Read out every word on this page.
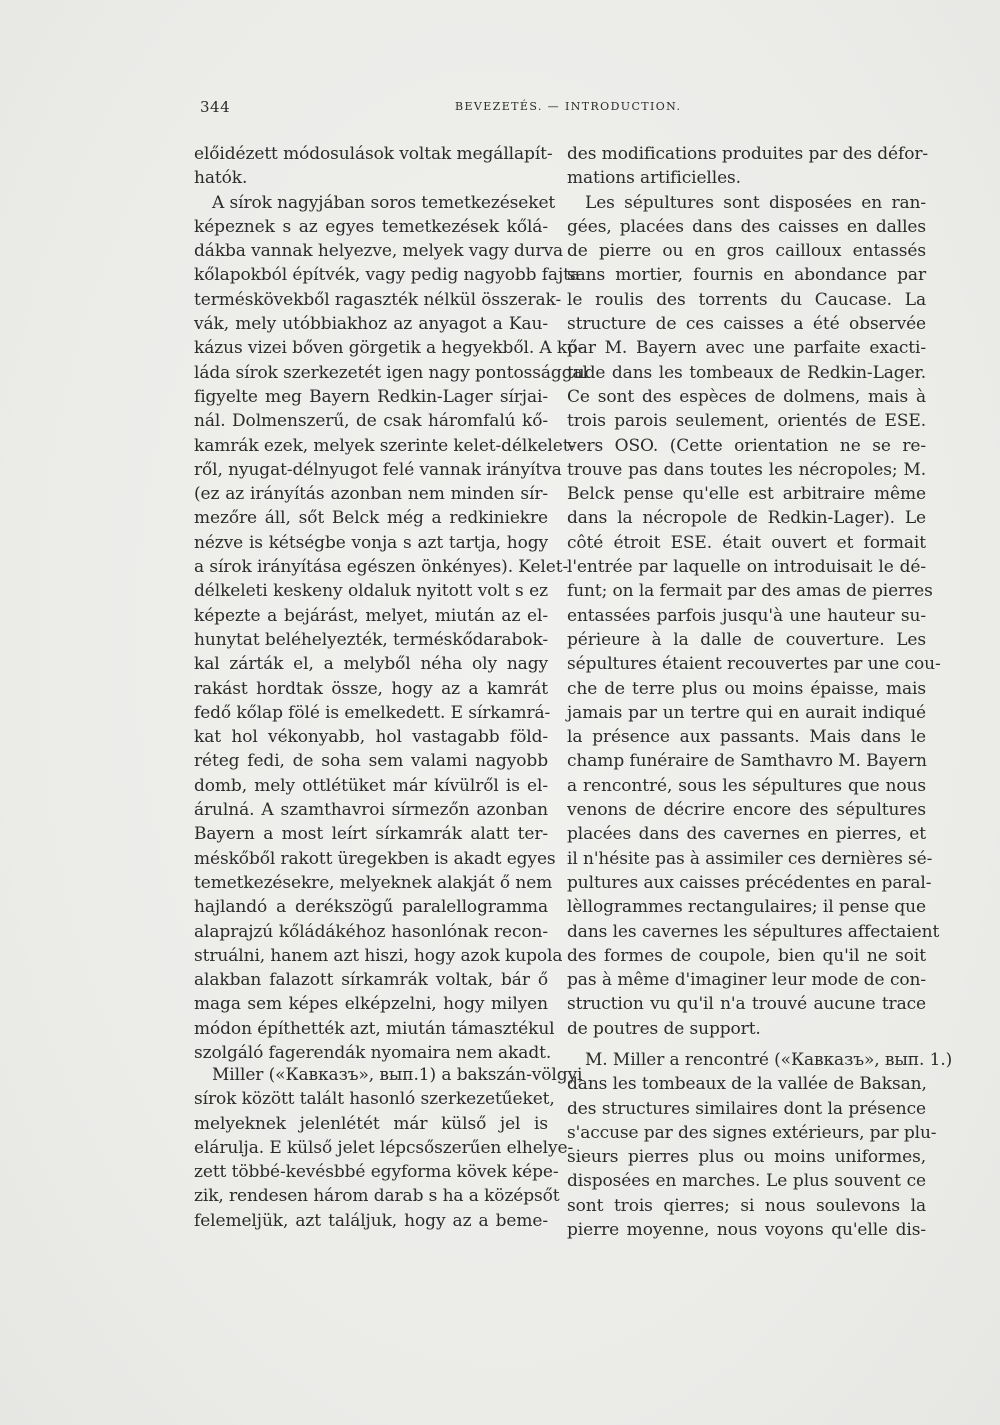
344	BEVEZETÉS. — INTRODUCTION.
előidézett módosulások voltak megállapít-
hatók.
A sírok nagyjában soros temetkezéseket
képeznek s az egyes temetkezések kőlá-
dákba vannak helyezve, melyek vagy durva
kőlapokból építvék, vagy pedig nagyobb fajta
terméskövekből ragaszték nélkül összerak-
vák, mely utóbbiakhoz az anyagot a Kau-
kázus vizei bőven görgetik a hegyekből. A kő-
láda sírok szerkezetét igen nagy pontossággal
figyelte meg Bayern Redkin-Lager sírjai-
nál. Dolmenszerű, de csak háromfalú kő-
kamrák ezek, melyek szerinte kelet-délkelet-
ről, nyugat-délnyugot felé vannak irányítva
(ez az irányítás azonban nem minden sír-
mezőre áll, sőt Belck még a redkiniekre
nézve is kétségbe vonja s azt tartja, hogy
a sírok irányítása egészen önkényes). Kelet-
délkeleti keskeny oldaluk nyitott volt s ez
képezte a bejárást, melyet, miután az el-
hunytat beléhelyezték, terméskődarabok-
kal zárták el, a melyből néha oly nagy
rakást hordtak össze, hogy az a kamrát
fedő kőlap fölé is emelkedett. E sírkamrá-
kat hol vékonyabb, hol vastagabb föld-
réteg fedi, de soha sem valami nagyobb
domb, mely ottlétüket már kívülről is el-
árulná. A szamthavroi sírmezőn azonban
Bayern a most leírt sírkamrák alatt ter-
méskőből rakott üregekben is akadt egyes
temetkezésekre, melyeknek alakját ő nem
hajlandó a derékszögű paralellogramma
alaprajzú kőládákéhoz hasonlónak recon-
struálni, hanem azt hiszi, hogy azok kupola
alakban falazott sírkamrák voltak, bár ő
maga sem képes elképzelni, hogy milyen
módon építhették azt, miután támasztékul
szolgáló fagerendák nyomaira nem akadt.
Miller («Кавказъ», вып.1) a bakszán-völgyi
sírok között talált hasonló szerkezetűeket,
melyeknek jelenlétét már külső jel is
elárulja. E külső jelet lépcsőszerűen elhelye-
zett többé-kevésbbé egyforma kövek képe-
zik, rendesen három darab s ha a középsőt
felemeljük, azt találjuk, hogy az a beme-
des modifications produites par des défor-
mations artificielles.
Les sépultures sont disposées en ran-
gées, placées dans des caisses en dalles
de pierre ou en gros cailloux entassés
sans mortier, fournis en abondance par
le roulis des torrents du Caucase. La
structure de ces caisses a été observée
par M. Bayern avec une parfaite exacti-
tude dans les tombeaux de Redkin-Lager.
Ce sont des espèces de dolmens, mais à
trois parois seulement, orientés de ESE.
vers OSO. (Cette orientation ne se re-
trouve pas dans toutes les nécropoles; M.
Belck pense qu'elle est arbitraire même
dans la nécropole de Redkin-Lager). Le
côté étroit ESE. était ouvert et formait
l'entrée par laquelle on introduisait le dé-
funt; on la fermait par des amas de pierres
entassées parfois jusqu'à une hauteur su-
périeure à la dalle de couverture. Les
sépultures étaient recouvertes par une cou-
che de terre plus ou moins épaisse, mais
jamais par un tertre qui en aurait indiqué
la présence aux passants. Mais dans le
champ funéraire de Samthavro M. Bayern
a rencontré, sous les sépultures que nous
venons de décrire encore des sépultures
placées dans des cavernes en pierres, et
il n'hésite pas à assimiler ces dernières sé-
pultures aux caisses précédentes en paral-
lèllogrammes rectangulaires; il pense que
dans les cavernes les sépultures affectaient
des formes de coupole, bien qu'il ne soit
pas à même d'imaginer leur mode de con-
struction vu qu'il n'a trouvé aucune trace
de poutres de support.
M. Miller a rencontré («Кавказъ», вып. 1.)
dans les tombeaux de la vallée de Baksan,
des structures similaires dont la présence
s'accuse par des signes extérieurs, par plu-
sieurs pierres plus ou moins uniformes,
disposées en marches. Le plus souvent ce
sont trois qierres; si nous soulevons la
pierre moyenne, nous voyons qu'elle dis-
